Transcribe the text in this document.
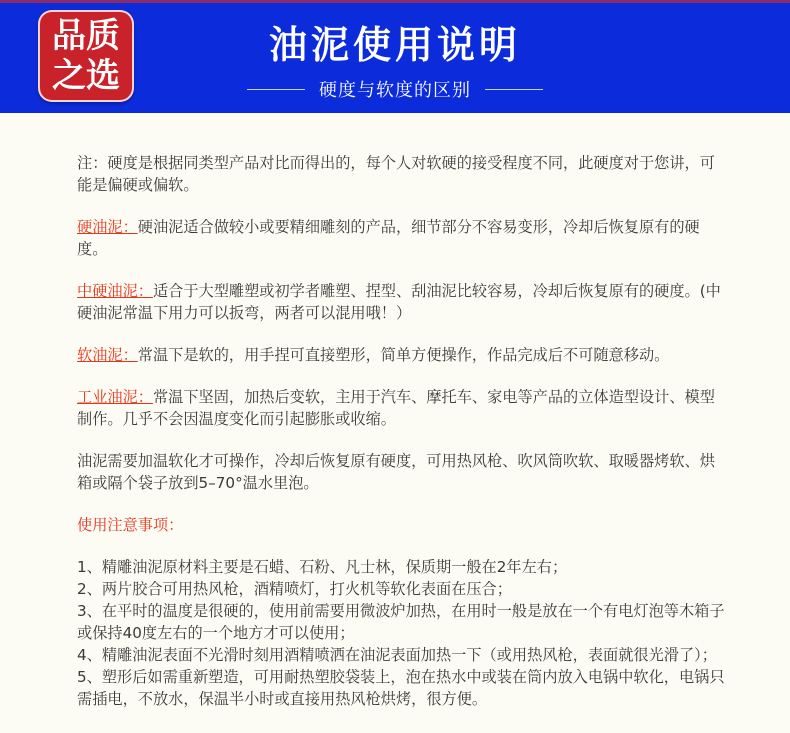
品质
之选
油泥使用说明
硬度与软度的区别

注：硬度是根据同类型产品对比而得出的，每个人对软硬的接受程度不同，此硬度对于您讲，可能是偏硬或偏软。

硬油泥：硬油泥适合做较小或要精细雕刻的产品，细节部分不容易变形，冷却后恢复原有的硬度。

中硬油泥：适合于大型雕塑或初学者雕塑、捏型、刮油泥比较容易，冷却后恢复原有的硬度。(中硬油泥常温下用力可以扳弯，两者可以混用哦！）

软油泥：常温下是软的，用手捏可直接塑形，简单方便操作，作品完成后不可随意移动。

工业油泥：常温下坚固，加热后变软，主用于汽车、摩托车、家电等产品的立体造型设计、模型制作。几乎不会因温度变化而引起膨胀或收缩。

油泥需要加温软化才可操作，冷却后恢复原有硬度，可用热风枪、吹风筒吹软、取暖器烤软、烘箱或隔个袋子放到5–70°温水里泡。

使用注意事项：

1、精雕油泥原材料主要是石蜡、石粉、凡士林，保质期一般在2年左右；

2、两片胶合可用热风枪，酒精喷灯，打火机等软化表面在压合；

3、在平时的温度是很硬的，使用前需要用微波炉加热，在用时一般是放在一个有电灯泡等木箱子或保持40度左右的一个地方才可以使用；

4、精雕油泥表面不光滑时刻用酒精喷洒在油泥表面加热一下（或用热风枪，表面就很光滑了）；

5、塑形后如需重新塑造，可用耐热塑胶袋装上，泡在热水中或装在筒内放入电锅中软化，电锅只需插电，不放水，保温半小时或直接用热风枪烘烤，很方便。
